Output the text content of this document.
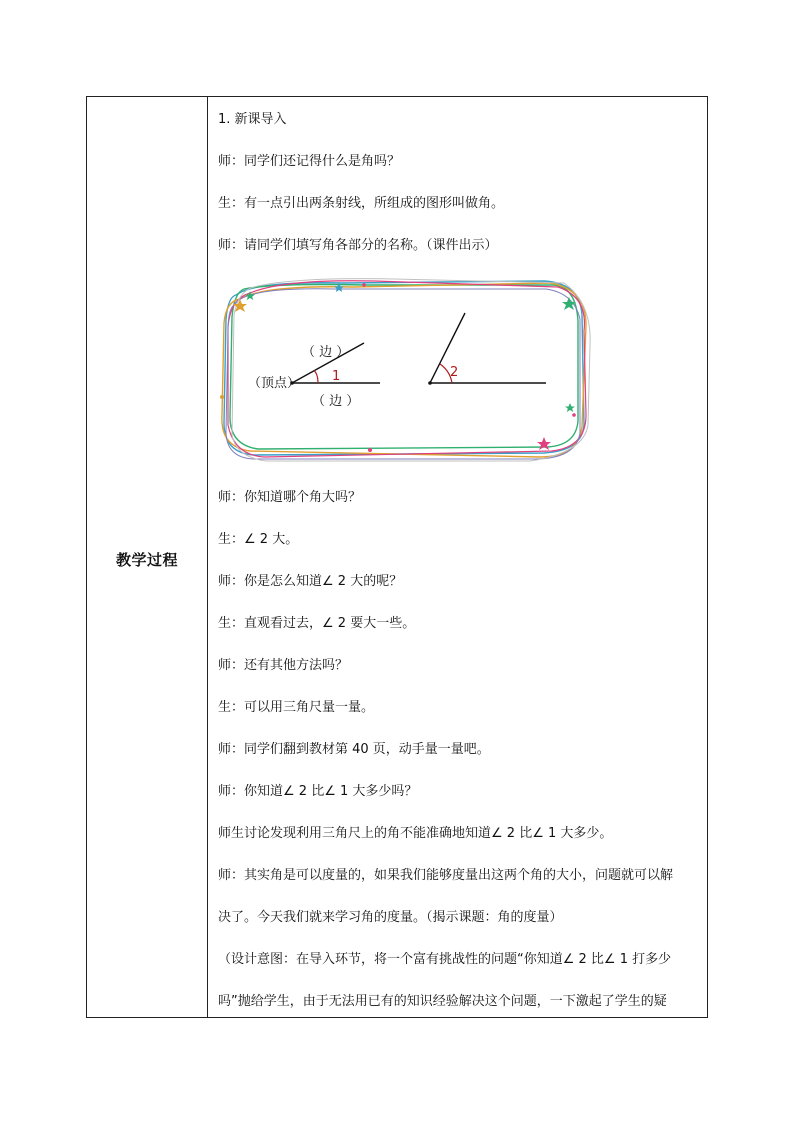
教学过程
1. 新课导入
师：同学们还记得什么是角吗？
生：有一点引出两条射线，所组成的图形叫做角。
师：请同学们填写角各部分的名称。（课件出示）
1
（ 边 ）
（顶点）
（ 边 ）
2
师：你知道哪个角大吗？
生：∠ 2 大。
师：你是怎么知道∠ 2 大的呢？
生：直观看过去，∠ 2 要大一些。
师：还有其他方法吗？
生：可以用三角尺量一量。
师：同学们翻到教材第 40 页，动手量一量吧。
师：你知道∠ 2 比∠ 1 大多少吗？
师生讨论发现利用三角尺上的角不能准确地知道∠ 2 比∠ 1 大多少。
师：其实角是可以度量的，如果我们能够度量出这两个角的大小，问题就可以解
决了。今天我们就来学习角的度量。（揭示课题：角的度量）
（设计意图：在导入环节，将一个富有挑战性的问题“你知道∠ 2 比∠ 1 打多少
吗”抛给学生，由于无法用已有的知识经验解决这个问题，一下激起了学生的疑
